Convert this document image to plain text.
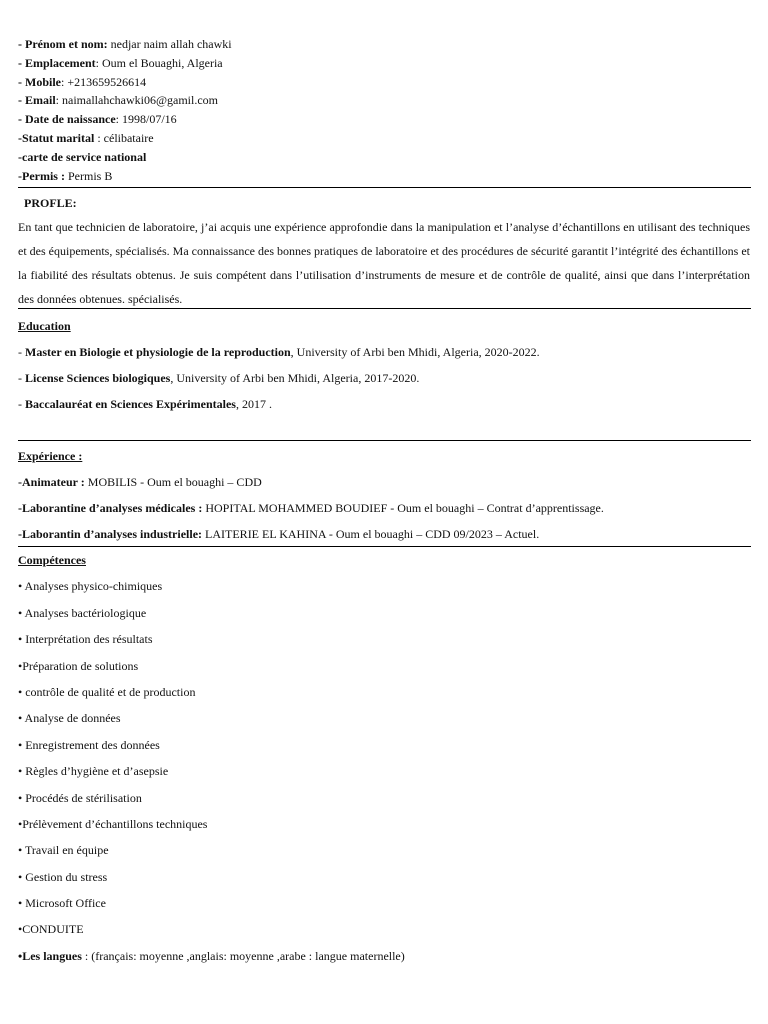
- Prénom et nom: nedjar naim allah chawki
- Emplacement: Oum el Bouaghi, Algeria
- Mobile: +213659526614
- Email: naimallahchawki06@gamil.com
- Date de naissance: 1998/07/16
-Statut marital : célibataire
-carte de service national
-Permis : Permis B
PROFLE:
En tant que technicien de laboratoire, j’ai acquis une expérience approfondie dans la manipulation et l’analyse d’échantillons en utilisant des techniques et des équipements, spécialisés. Ma connaissance des bonnes pratiques de laboratoire et des procédures de sécurité garantit l’intégrité des échantillons et la fiabilité des résultats obtenus. Je suis compétent dans l’utilisation d’instruments de mesure et de contrôle de qualité, ainsi que dans l’interprétation des données obtenues. spécialisés.
Education
- Master en Biologie et physiologie de la reproduction, University of Arbi ben Mhidi, Algeria, 2020-2022.
- License Sciences biologiques, University of Arbi ben Mhidi, Algeria, 2017-2020.
- Baccalauréat en Sciences Expérimentales, 2017 .
Expérience :
-Animateur : MOBILIS - Oum el bouaghi – CDD
-Laborantine d’analyses médicales : HOPITAL MOHAMMED BOUDIEF - Oum el bouaghi – Contrat d’apprentissage.
-Laborantin d’analyses industrielle: LAITERIE EL KAHINA - Oum el bouaghi – CDD 09/2023 – Actuel.
Compétences
• Analyses physico-chimiques
• Analyses bactériologique
• Interprétation des résultats
•Préparation de solutions
• contrôle de qualité et de production
• Analyse de données
• Enregistrement des données
• Règles d’hygiène et d’asepsie
• Procédés de stérilisation
•Prélèvement d’échantillons techniques
• Travail en équipe
• Gestion du stress
• Microsoft Office
•CONDUITE
•Les langues : (français: moyenne ,anglais: moyenne ,arabe : langue maternelle)
